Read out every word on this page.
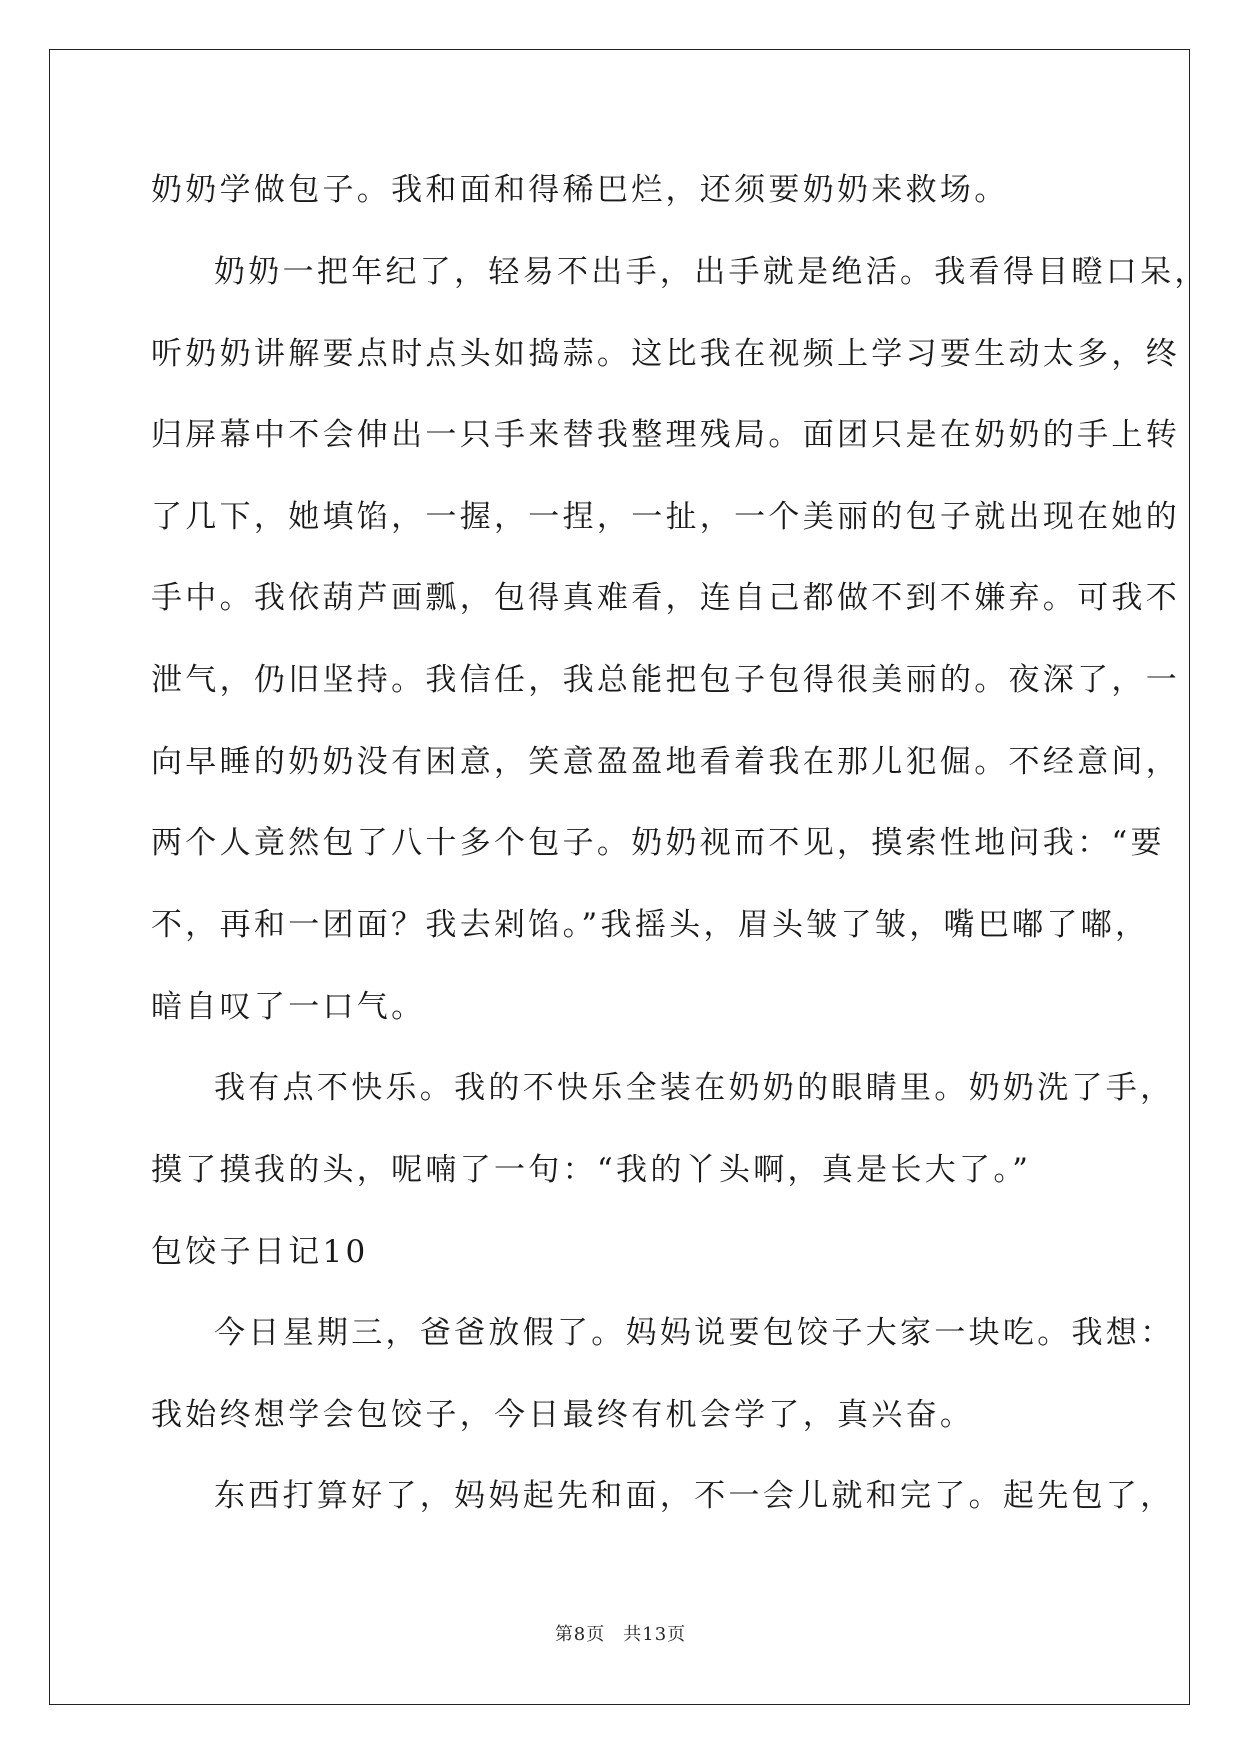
奶奶学做包子。我和面和得稀巴烂，还须要奶奶来救场。
奶奶一把年纪了，轻易不出手，出手就是绝活。我看得目瞪口呆，
听奶奶讲解要点时点头如捣蒜。这比我在视频上学习要生动太多，终
归屏幕中不会伸出一只手来替我整理残局。面团只是在奶奶的手上转
了几下，她填馅，一握，一捏，一扯，一个美丽的包子就出现在她的
手中。我依葫芦画瓢，包得真难看，连自己都做不到不嫌弃。可我不
泄气，仍旧坚持。我信任，我总能把包子包得很美丽的。夜深了，一
向早睡的奶奶没有困意，笑意盈盈地看着我在那儿犯倔。不经意间，
两个人竟然包了八十多个包子。奶奶视而不见，摸索性地问我：“要
不，再和一团面？我去剁馅。”我摇头，眉头皱了皱，嘴巴嘟了嘟，
暗自叹了一口气。
我有点不快乐。我的不快乐全装在奶奶的眼睛里。奶奶洗了手，
摸了摸我的头，呢喃了一句：“我的丫头啊，真是长大了。”
包饺子日记10
今日星期三，爸爸放假了。妈妈说要包饺子大家一块吃。我想：
我始终想学会包饺子，今日最终有机会学了，真兴奋。
东西打算好了，妈妈起先和面，不一会儿就和完了。起先包了，
第8页 共13页
